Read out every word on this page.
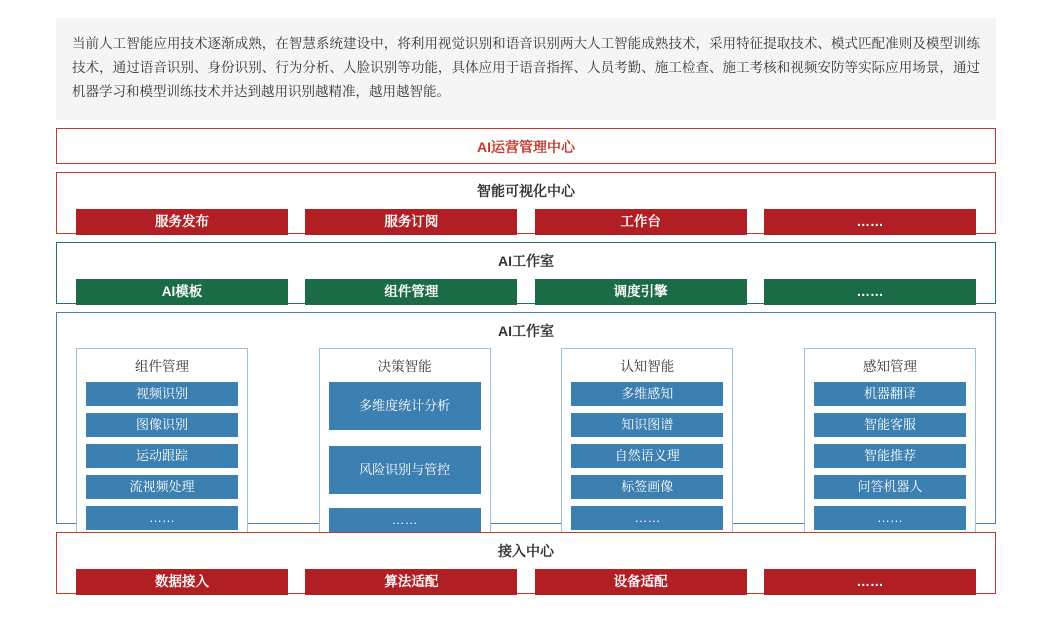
当前人工智能应用技术逐渐成熟，在智慧系统建设中，将利用视觉识别和语音识别两大人工智能成熟技术，采用特征提取技术、模式匹配准则及模型训练技术，通过语音识别、身份识别、行为分析、人脸识别等功能，具体应用于语音指挥、人员考勤、施工检查、施工考核和视频安防等实际应用场景，通过机器学习和模型训练技术并达到越用识别越精准，越用越智能。
AI运营管理中心
智能可视化中心
服务发布	服务订阅	工作台	……
AI工作室
AI模板	组件管理	调度引擎	……
AI工作室
组件管理
视频识别
图像识别
运动跟踪
流视频处理
……
决策智能
多维度统计分析
风险识别与管控
……
认知智能
多维感知
知识图谱
自然语义理
标签画像
……
感知管理
机器翻译
智能客服
智能推荐
问答机器人
……
接入中心
数据接入	算法适配	设备适配	……
